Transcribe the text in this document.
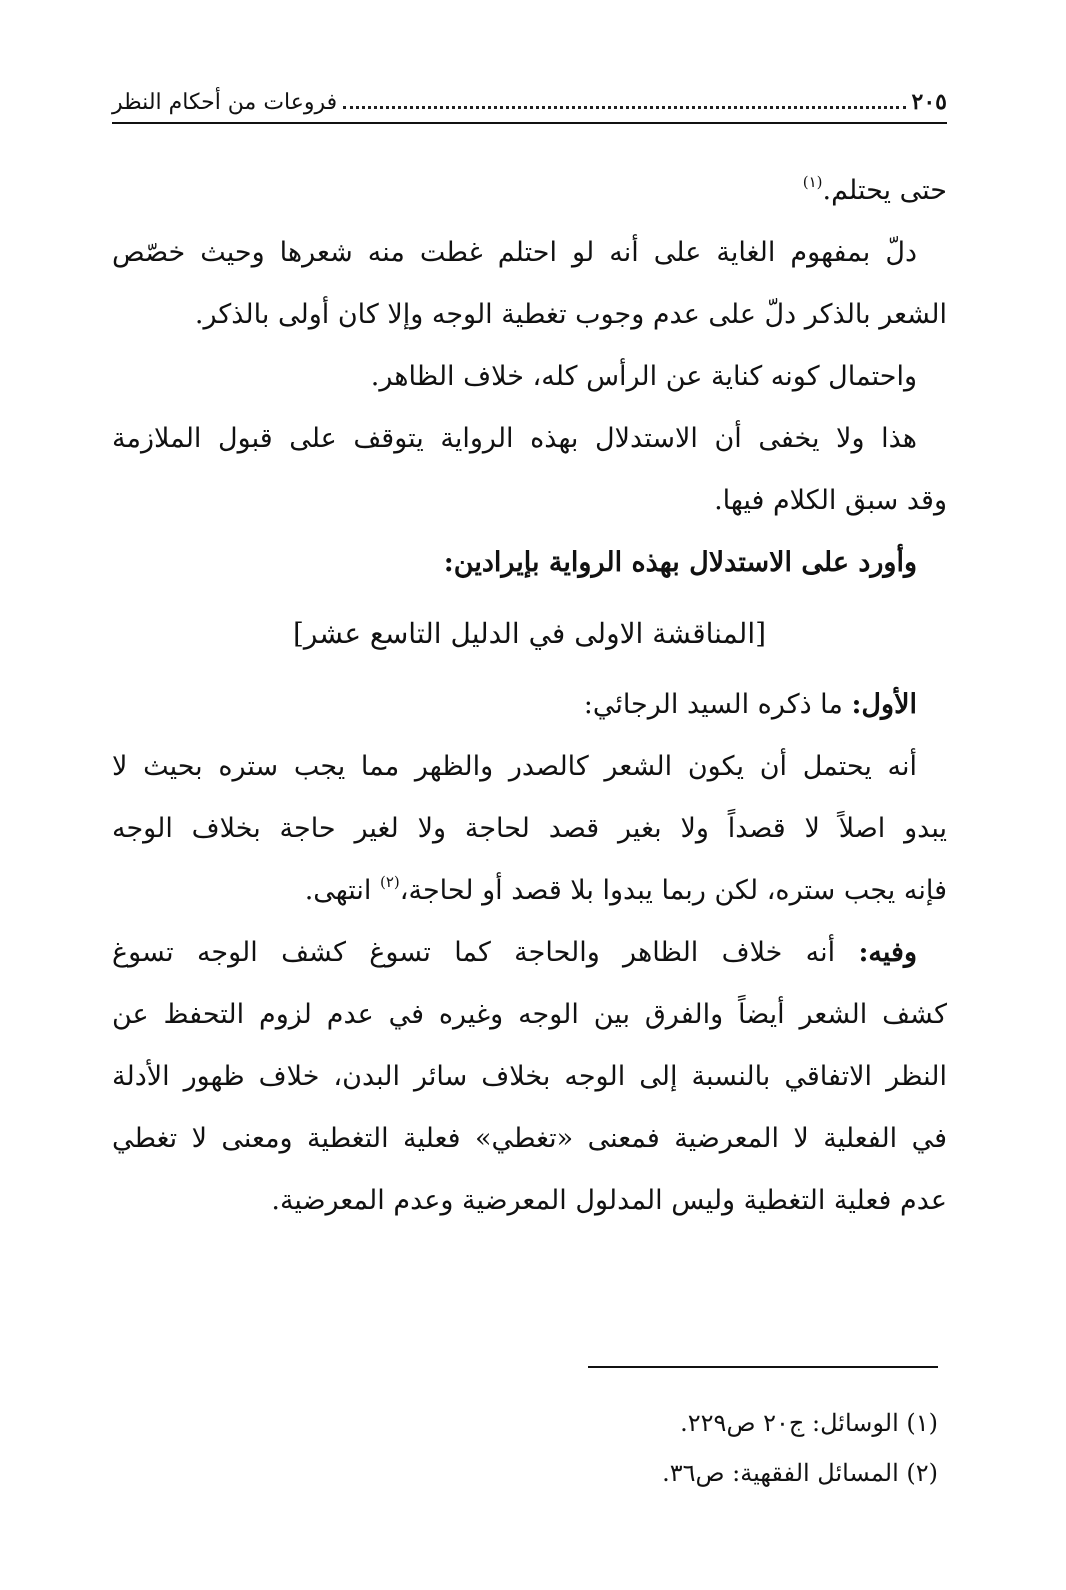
٢٠٥
فروعات من أحكام النظر
حتى يحتلم.$^{(١)}$
دلّ بمفهوم الغاية على أنه لو احتلم غطت منه شعرها وحيث خصّص
الشعر بالذكر دلّ على عدم وجوب تغطية الوجه وإلا كان أولى بالذكر.
واحتمال كونه كناية عن الرأس كله، خلاف الظاهر.
هذا ولا يخفى أن الاستدلال بهذه الرواية يتوقف على قبول الملازمة
وقد سبق الكلام فيها.
وأورد على الاستدلال بهذه الرواية بإيرادين:
[المناقشة الاولى في الدليل التاسع عشر]
الأول: ما ذكره السيد الرجائي:
أنه يحتمل أن يكون الشعر كالصدر والظهر مما يجب ستره بحيث لا
يبدو اصلاً لا قصداً ولا بغير قصد لحاجة ولا لغير حاجة بخلاف الوجه
فإنه يجب ستره، لكن ربما يبدوا بلا قصد أو لحاجة،$^{(٢)}$ انتهى.
وفيه: أنه خلاف الظاهر والحاجة كما تسوغ كشف الوجه تسوغ
كشف الشعر أيضاً والفرق بين الوجه وغيره في عدم لزوم التحفظ عن
النظر الاتفاقي بالنسبة إلى الوجه بخلاف سائر البدن، خلاف ظهور الأدلة
في الفعلية لا المعرضية فمعنى «تغطي» فعلية التغطية ومعنى لا تغطي
عدم فعلية التغطية وليس المدلول المعرضية وعدم المعرضية.
(١) الوسائل: ج٢٠ ص٢٢٩.
(٢) المسائل الفقهية: ص٣٦.
